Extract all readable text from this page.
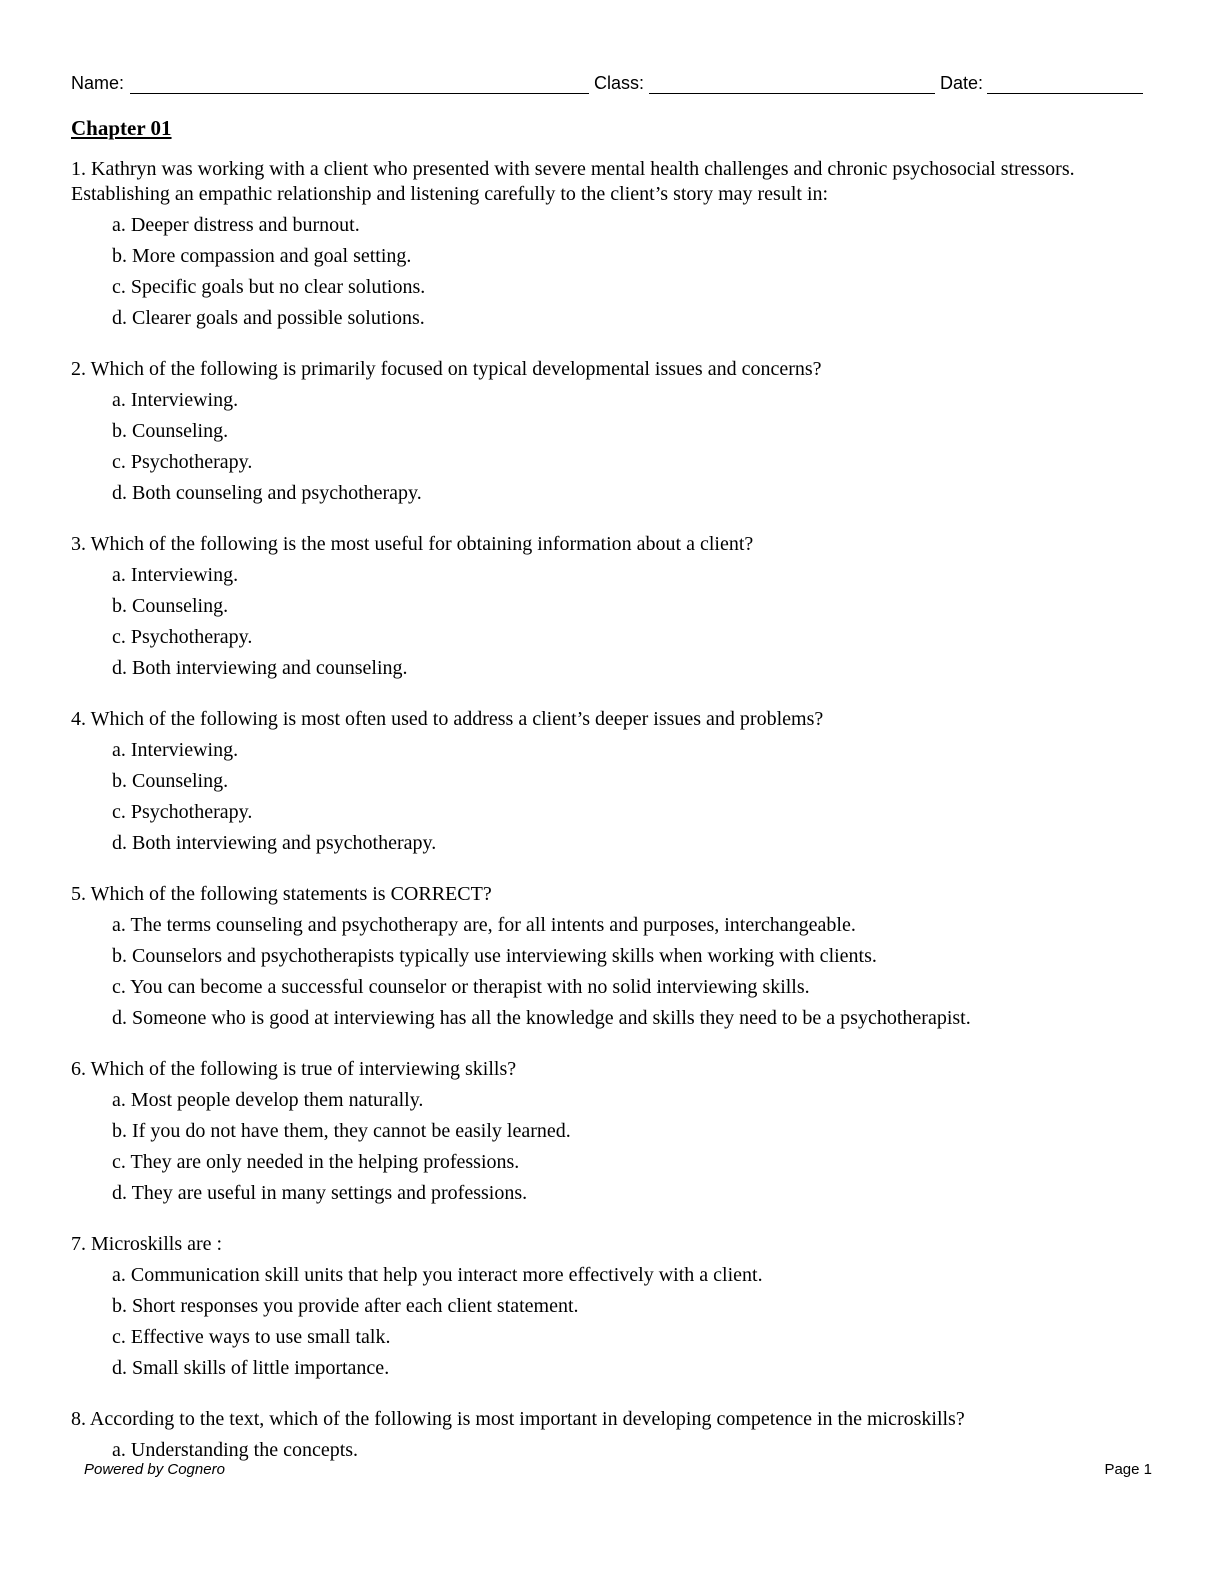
Name:	Class:	Date:
Chapter 01

1. Kathryn was working with a client who presented with severe mental health challenges and chronic psychosocial stressors. Establishing an empathic relationship and listening carefully to the client’s story may result in:

a. Deeper distress and burnout.
b. More compassion and goal setting.
c. Specific goals but no clear solutions.
d. Clearer goals and possible solutions.

2. Which of the following is primarily focused on typical developmental issues and concerns?

a. Interviewing.
b. Counseling.
c. Psychotherapy.
d. Both counseling and psychotherapy.

3. Which of the following is the most useful for obtaining information about a client?

a. Interviewing.
b. Counseling.
c. Psychotherapy.
d. Both interviewing and counseling.

4. Which of the following is most often used to address a client’s deeper issues and problems?

a. Interviewing.
b. Counseling.
c. Psychotherapy.
d. Both interviewing and psychotherapy.

5. Which of the following statements is CORRECT?

a. The terms counseling and psychotherapy are, for all intents and purposes, interchangeable.
b. Counselors and psychotherapists typically use interviewing skills when working with clients.
c. You can become a successful counselor or therapist with no solid interviewing skills.
d. Someone who is good at interviewing has all the knowledge and skills they need to be a psychotherapist.

6. Which of the following is true of interviewing skills?

a. Most people develop them naturally.
b. If you do not have them, they cannot be easily learned.
c. They are only needed in the helping professions.
d. They are useful in many settings and professions.

7. Microskills are :

a. Communication skill units that help you interact more effectively with a client.
b. Short responses you provide after each client statement.
c. Effective ways to use small talk.
d. Small skills of little importance.

8. According to the text, which of the following is most important in developing competence in the microskills?

a. Understanding the concepts.
Powered by Cognero	Page 1
